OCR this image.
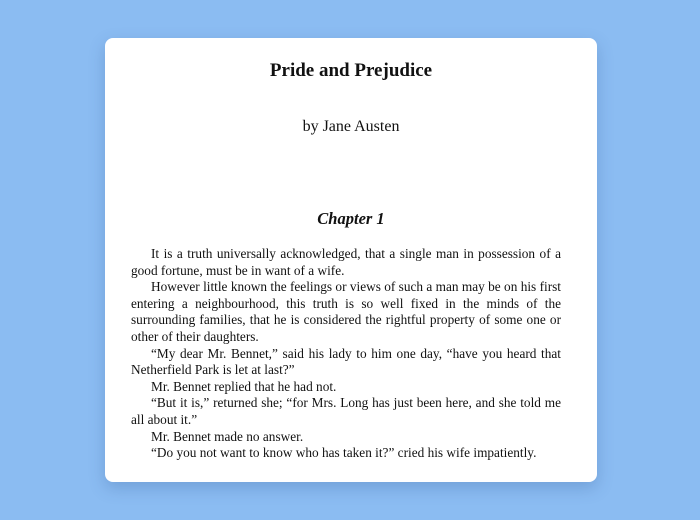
Pride and Prejudice
by Jane Austen
Chapter 1

It is a truth universally acknowledged, that a single man in possession of a good fortune, must be in want of a wife.

However little known the feelings or views of such a man may be on his first entering a neighbourhood, this truth is so well fixed in the minds of the surrounding families, that he is considered the rightful property of some one or other of their daughters.

“My dear Mr. Bennet,” said his lady to him one day, “have you heard that Netherfield Park is let at last?”

Mr. Bennet replied that he had not.

“But it is,” returned she; “for Mrs. Long has just been here, and she told me all about it.”

Mr. Bennet made no answer.

“Do you not want to know who has taken it?” cried his wife impatiently.
